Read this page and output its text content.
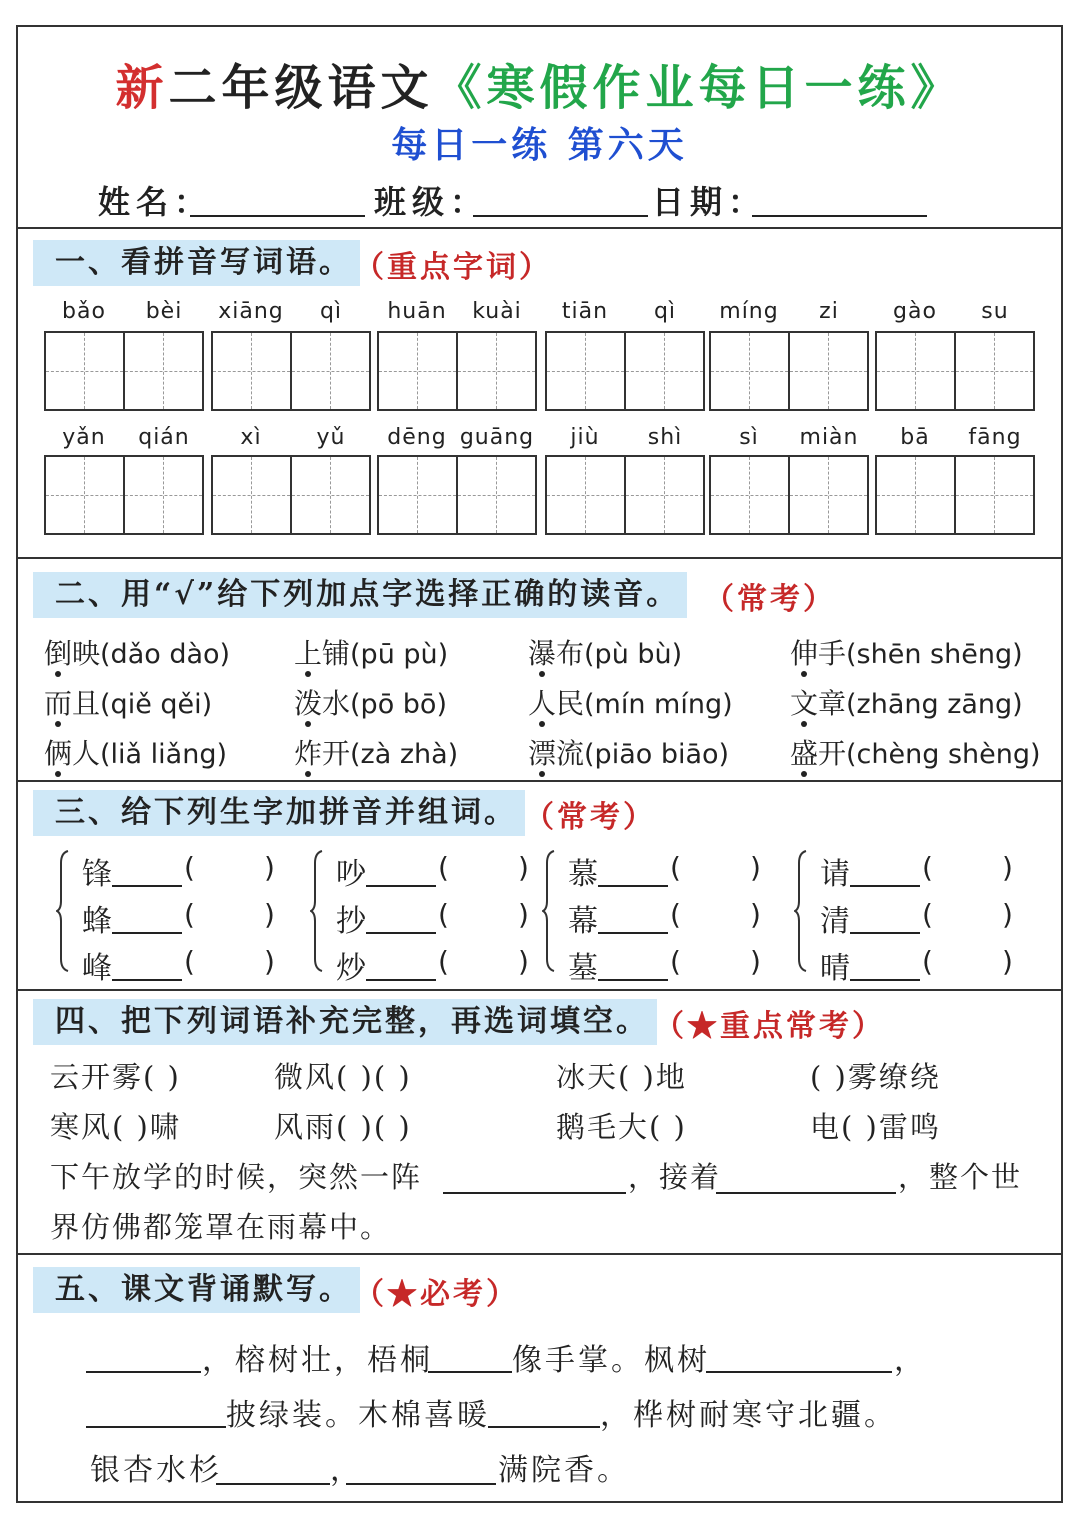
新二年级语文《寒假作业每日一练》
每日一练 第六天
姓名：	班级：	日期：
一、看拼音写词语。 （重点字词）
bǎo	bèi	xiāng	qì	huān	kuài	tiān	qì	míng	zi	gào	su
yǎn	qián	xì	yǔ	dēng guāng	jiù	shì	sì	miàn	bā	fāng
二、用“√”给下列加点字选择正确的读音。 （常考）
倒映(dǎo dào) 上铺(pū pù)	瀑布(pù bù)	伸手(shēn shēng)
而且(qiě qěi)	泼水(pō bō)	人民(mín míng) 文章(zhāng zāng)
俩人(liǎ liǎng) 炸开(zà zhà) 漂流(piāo biāo) 盛开(chèng shèng)
三、给下列生字加拼音并组词。 （常考）
锋	( )
蜂	( )
峰	( )
吵	( )
抄	( )
炒	( )
慕	( )
幕	( )
墓	( )
请	( )
清	( )
晴	( )
四、把下列词语补充完整，再选词填空。 （★重点常考）
云开雾( )	微风( )( )	冰天( )地	( )雾缭绕
寒风( )啸	风雨( )( )	鹅毛大( )	电( )雷鸣
下午放学的时候，突然一阵	，接着	，整个世
界仿佛都笼罩在雨幕中。
五、课文背诵默写。 （★必考）
，榕树壮，梧桐	像手掌。枫树	，
披绿装。木棉喜暖	，桦树耐寒守北疆。
银杏水杉	，	满院香。
